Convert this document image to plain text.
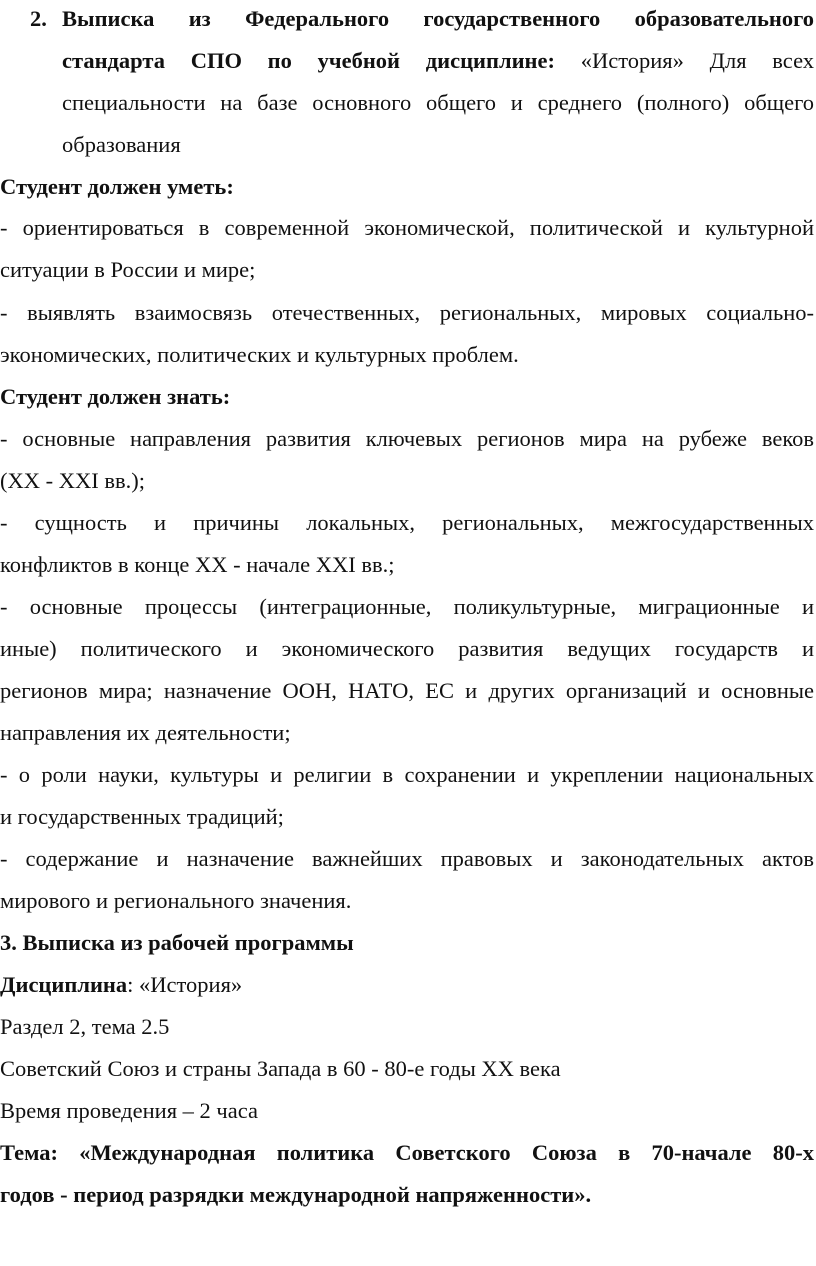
2. Выписка из Федерального государственного образовательного
стандарта СПО по учебной дисциплине: «История» Для всех
специальности на базе основного общего и среднего (полного) общего
образования
Студент должен уметь:
- ориентироваться в современной экономической, политической и культурной
ситуации в России и мире;
- выявлять взаимосвязь отечественных, региональных, мировых социально-
экономических, политических и культурных проблем.
Студент должен знать:
- основные направления развития ключевых регионов мира на рубеже веков
(XX - XXI вв.);
- сущность и причины локальных, региональных, межгосударственных
конфликтов в конце XX - начале XXI вв.;
- основные процессы (интеграционные, поликультурные, миграционные и
иные) политического и экономического развития ведущих государств и
регионов мира; назначение ООН, НАТО, ЕС и других организаций и основные
направления их деятельности;
- о роли науки, культуры и религии в сохранении и укреплении национальных
и государственных традиций;
- содержание и назначение важнейших правовых и законодательных актов
мирового и регионального значения.
3. Выписка из рабочей программы
Дисциплина: «История»
Раздел 2, тема 2.5
Советский Союз и страны Запада в 60 - 80-е годы XX века
Время проведения – 2 часа
Тема: «Международная политика Советского Союза в 70-начале 80-х
годов - период разрядки международной напряженности».
